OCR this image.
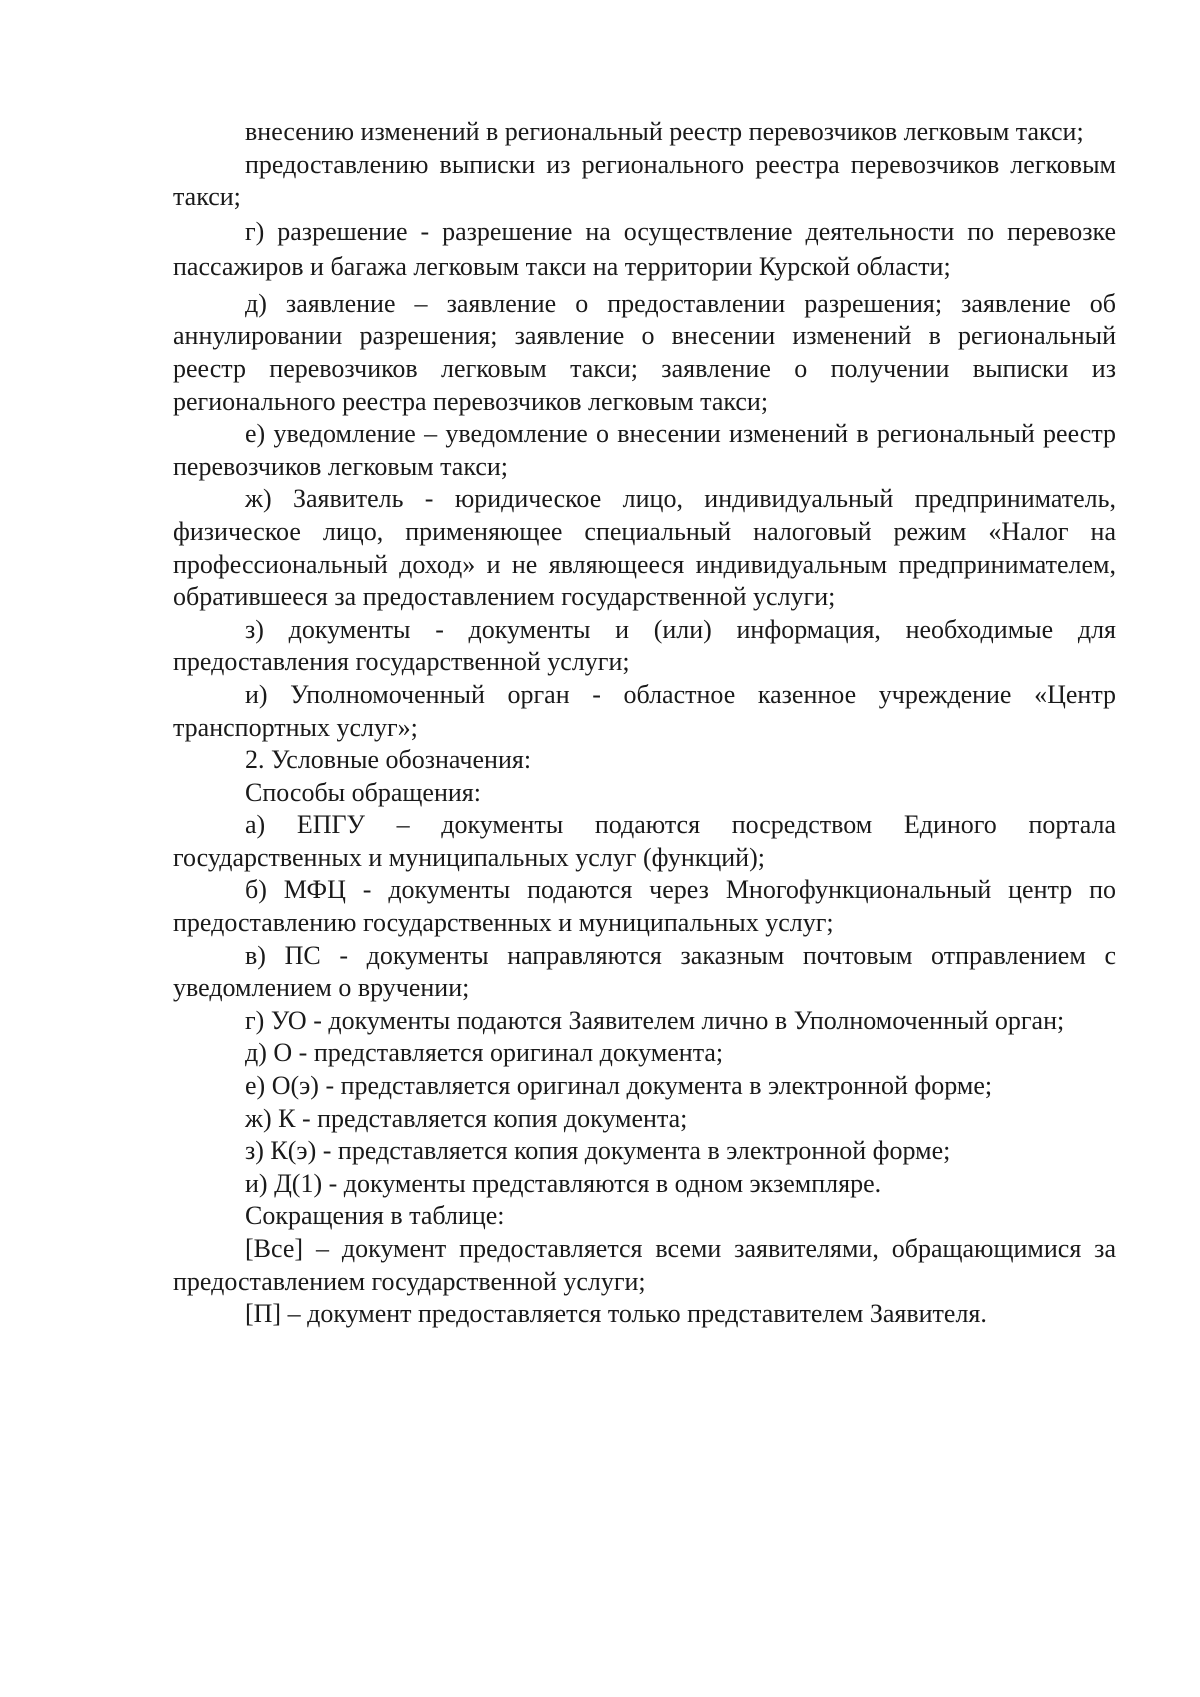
внесению изменений в региональный реестр перевозчиков легковым такси;

предоставлению выписки из регионального реестра перевозчиков легковым такси;

г) разрешение - разрешение на осуществление деятельности по перевозке пассажиров и багажа легковым такси на территории Курской области;

д) заявление – заявление о предоставлении разрешения; заявление об аннулировании разрешения; заявление о внесении изменений в региональный реестр перевозчиков легковым такси; заявление о получении выписки из регионального реестра перевозчиков легковым такси;

е) уведомление – уведомление о внесении изменений в региональный реестр перевозчиков легковым такси;

ж) Заявитель - юридическое лицо, индивидуальный предприниматель, физическое лицо, применяющее специальный налоговый режим «Налог на профессиональный доход» и не являющееся индивидуальным предпринимателем, обратившееся за предоставлением государственной услуги;

з) документы - документы и (или) информация, необходимые для предоставления государственной услуги;

и) Уполномоченный орган - областное казенное учреждение «Центр транспортных услуг»;

2. Условные обозначения:

Способы обращения:

а) ЕПГУ – документы подаются посредством Единого портала государственных и муниципальных услуг (функций);

б) МФЦ - документы подаются через Многофункциональный центр по предоставлению государственных и муниципальных услуг;

в) ПС - документы направляются заказным почтовым отправлением с уведомлением о вручении;

г) УО - документы подаются Заявителем лично в Уполномоченный орган;

д) О - представляется оригинал документа;

е) О(э) - представляется оригинал документа в электронной форме;

ж) К - представляется копия документа;

з) К(э) - представляется копия документа в электронной форме;

и) Д(1) - документы представляются в одном экземпляре.

Сокращения в таблице:

[Все] – документ предоставляется всеми заявителями, обращающимися за предоставлением государственной услуги;

[П] – документ предоставляется только представителем Заявителя.
